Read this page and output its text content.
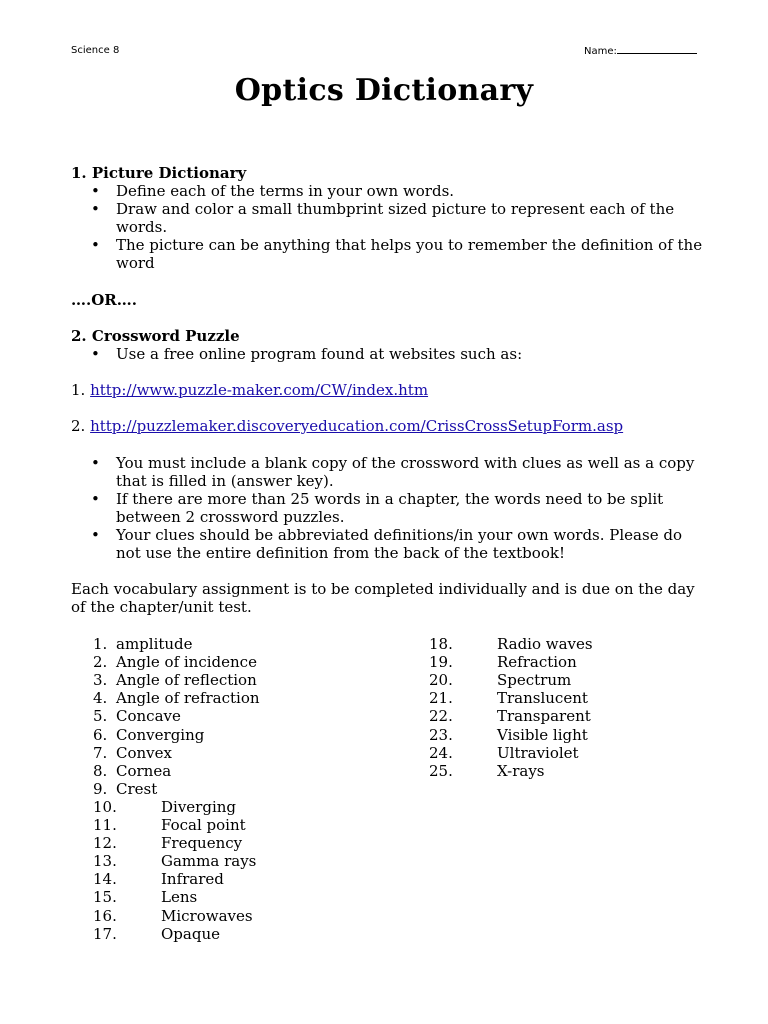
Science 8	Name:
Optics Dictionary
1. Picture Dictionary
• Define each of the terms in your own words.
• Draw and color a small thumbprint sized picture to represent each of the words.
• The picture can be anything that helps you to remember the definition of the word
….OR….
2. Crossword Puzzle
• Use a free online program found at websites such as:
1. http://www.puzzle-maker.com/CW/index.htm
2. http://puzzlemaker.discoveryeducation.com/CrissCrossSetupForm.asp
• You must include a blank copy of the crossword with clues as well as a copy that is filled in (answer key).
• If there are more than 25 words in a chapter, the words need to be split between 2 crossword puzzles.
• Your clues should be abbreviated definitions/in your own words. Please do not use the entire definition from the back of the textbook!
Each vocabulary assignment is to be completed individually and is due on the day of the chapter/unit test.
1. amplitude
2. Angle of incidence
3. Angle of reflection
4. Angle of refraction
5. Concave
6. Converging
7. Convex
8. Cornea
9. Crest
10.	Diverging
11.	Focal point
12.	Frequency
13.	Gamma rays
14.	Infrared
15.	Lens
16.	Microwaves
17.	Opaque
18.	Radio waves
19.	Refraction
20.	Spectrum
21.	Translucent
22.	Transparent
23.	Visible light
24.	Ultraviolet
25.	X-rays
